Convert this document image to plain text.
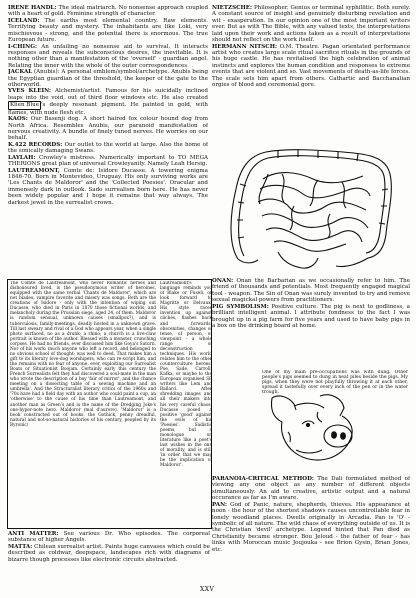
IRENE HANDL: The ideal matriarch. No nonsense approach coupled with a heart of gold. Feminine strength of character.

ICELAND: The earths most elemental country. Raw elements. Terrifying beauty and mystery. The inhabitants are like Loki, very mischievous - strong, and the potential there is enormous. The true European future.

I-CHING: An unfailing no nonsense aid to survival. It interacts responses and reveals the subconscious desires, the inevitable. It is nothing other than a manifestation of the 'overself' - guardian angel. Relating the inner with the whole of the outer correspondences.

JACKAL (Anubis): A personal emblem/symbol/archetype. Anubis being the Egyptian guardian of the threshold, the keeper of the gate to the otherworld.

YVES KLEIN: Alchemist/artist. Famous for his suicidally inclined leaps into the void, out of third floor windows etc. He also created Klien Blue 's deeply resonant pigment. He painted in gold, with flames, with nude flesh etc.

KAOS: Our Basenji dog. A short haired fox colour hound dog from North Africa. Resembles Anubis, our paranoid manifestation of nervous creativity. A bundle of finely tuned nerves. He worries on our behalf.

K.422 RECORDS: Our outlet to the world at large. Also the home of the sonically damaging Swans.

LAYLAH: Crowley's mistress. Numerically important to TO MEGA THERIONS great plan of universal Crowleyanity. Namely Leah Hersig.

LAUTREAMONT, Comte de: Isidore Ducasse. A towering enigma 1846-70. Born in Montevideo, Uruguay. His only surviving works are 'Les Chants de Maldoror' and the 'Collected Poesies'. Oracular and immensely dark in outlook. Sado surrealism born here. He has never been widely popular and I hope it remains that way always. The darkest jewel in the surrealist crown.

The Comte de Lautreamont, who never Romantic heroes and dishonoured lived, is the pseudonymous writer of heroines, equipped with the same verbal 'Chants de Maldoror', which are not blades, vampire favorite and misery was songs. Both are the creations of Isidore - only with the intention of wiping out Ducasse, who died in Paris in 1870 those fictional worlds, and melancholy during the Prussian siege, aged 24, of them. Maldoror is random sensual, unknown causes (smallpox?), and is tuberculosis, family-meetings, deadly hosted in a unknown grave. Till last sweary and rival of a God who appears year, when a single photo surfaced, no as a drunk; a rhino; a church is a live-claw portrait is known of the author. Blessed with a monster, crunching corpses. He had no friends, ever discussed him like Goya's Saturn. Nor of his work: much anyone who left a record, and belonged to no obvious school of thought; was well to deed. That makes him a gift to its literary love-dog worshipers, who can re-script him, and the remains with no fear of anyone, ever, exploiting our Surrealist Boats or Situationist Boojam. Certainly early this century the French Surrealists felt they had discovered a soul-mate in the man who wrote the description of a boy 'fair of mirror', and the chance meeting on a dissecting table of a sewing machine and an umbrella'. And the Structuralist literary critics of the 1960s and '70s have had a field day with an author who could paint a cup, an 'otherwise' to the cause of his time than Lautreamont, and another man as Green's and is the name of the Dredging Joke's one-hyper-note hero. Maldoror (mal d'aurore). 'Maldoror' is a book constructed out of books, the Gothick, penny dreadful, natural and not-so-natural histories of his century, peopled by its Byronic/

Lautreamont's language reminds you of Blake or Fuseli, or look forward to Magritte or Delvaux. His style races invention up against clichés, flashes back and forwards, obscenities, changes of tense, of person, of viewpoint - a whole range of deconstruction techniques. His world relates him to the other counterculture heroes, Poe, Sade, Carroll, Kafka, or maybe to the European organised SF writers like Lem and Ballard. After shredding images and all their makers into his very careful chaos, Ducasse posed a positive 'good' against the evils of his 'Poesies'. Sadistic poems, but a monologue on literature like a poet's last wishes in the one of morality, and is still 'in order that we may be the implication of Maldoror'.

ANTI MATTER: See various Dr. Who episodes. The corporeal substance of higher Angels.

MATTA: Chilean surrealist artist. Paints huge canvases which could be described as coldwar, deepspace, landscapes rich with diagrams of bizarre though processes like electronic circuits abstracted.

NIETZSCHE: Philosopher. Genius or terminal syphillitic. Both surely. A constant source of insight and genuinely disturbing revelation and wit - exasperation. In our opinion one of the most important writers ever. But as with The Bible, with any valued texts, the interpretations laid upon their work and actions taken as a result of interpretations should not reflect on the work itself.

HERMANN NITSCH: O.M. Theatre. Pagan orientated performance artist who creates large scale ritual sacrifice rituals in the grounds of his huge castle. He has revitalised the high celebration of animal instincts and explores the human condition and responses to extreme events that are violent and so. Vast movements of death-as-life forces. The scale sets him apart from others. Cathartic and Bacchanalian orgies of blood and ceremonial gore.

ONAN: Onan the Barbarian as we occasionally refer to him. The friend of thousands and potentials. Most frequently engaged magical tool - weapon. The Sin of Onan was surely invented to try and remove sexual magickal powers from practitioners.

PIG SYMBOLISM: Positive culture. The pig is next to godliness, a brilliant intelligent animal. I attribute fondness to the fact I was brought up in a pig farm for five years and used to have baby pigs in a box on the drinking board at home.

One of my main pre-occupations was with dung. Other people's pigs seemed to dung in neat piles beside the pigs. My pigs, when they were not playfully throwing it at each other, spread it tastefully over every inch of the pen or in the water trough.

PARANOIA-CRITICAL METHOD: The Dali formulated method of viewing any one object as any number of different objects simultaneously. An aid to creative, artistic output and a natural occurance as far as I'm aware.

PAN: God of Panic, nature, shepherds, thieves. His appearance at noon - the hour of the shortest shadows causes uncontrollable fear in lonely woodland places. Dwells originally in Arcadia. Pan is 'O' - symbolic of all nature. The wild chaos of everything outside of us. It is the Christian 'devil' archetype. Legend hinted that Pan died as Christianity became stronger. Bou Jeloud - the father of fear - has links with Moroccan music Joujouka - see Brion Gysin, Brian Jones, etc.

XXV
